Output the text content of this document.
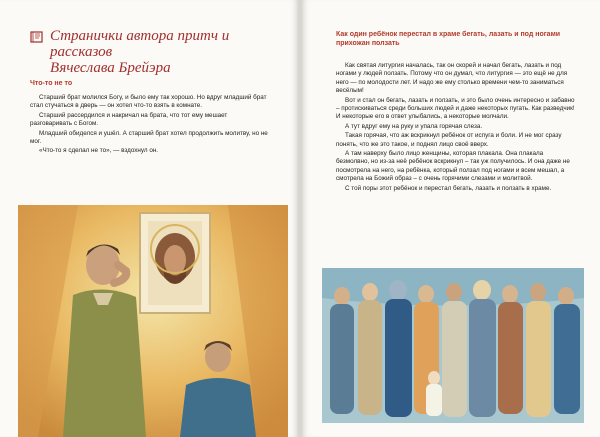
Странички автора притч и рассказов
Вячеслава Брейэра
Что-то не то

Старший брат молился Богу, и было ему так хорошо. Но вдруг младший брат стал стучаться в дверь — он хотел что-то взять в комнате.

Старший рассердился и накричал на брата, что тот ему мешает разговаривать с Богом.

Младший обиделся и ушёл. А старший брат хотел продолжить молитву, но не мог.

«Что-то я сделал не то», — вздохнул он.

Как один ребёнок перестал в храме бегать, лазать и под ногами прихожан ползать

Как святая литургия началась, так он скорей и начал бегать, лазать и под ногами у людей ползать. Потому что он думал, что литургия — это ещё не для него — по молодости лет. И надо же ему столько времени чем-то заниматься весёлым!

Вот и стал он бегать, лазать и ползать, и это было очень интересно и забавно – протискиваться среди больших людей и даже некоторых пугать. Как разведчик! И некоторые его в ответ улыбались, а некоторые молчали.

А тут вдруг ему на руку и упала горячая слеза.

Такая горячая, что аж вскрикнул ребёнок от испуга и боли. И не мог сразу понять, что же это такое, и поднял лицо своё вверх.

А там наверху было лицо женщины, которая плакала. Она плакала безмолвно, но из-за неё ребёнок вскрикнул – так уж получилось. И она даже не посмотрела на него, на ребёнка, который ползал под ногами и всем мешал, а смотрела на Божий образ – с очень горячими слезами и молитвой.

С той поры этот ребёнок и перестал бегать, лазать и ползать в храме.
